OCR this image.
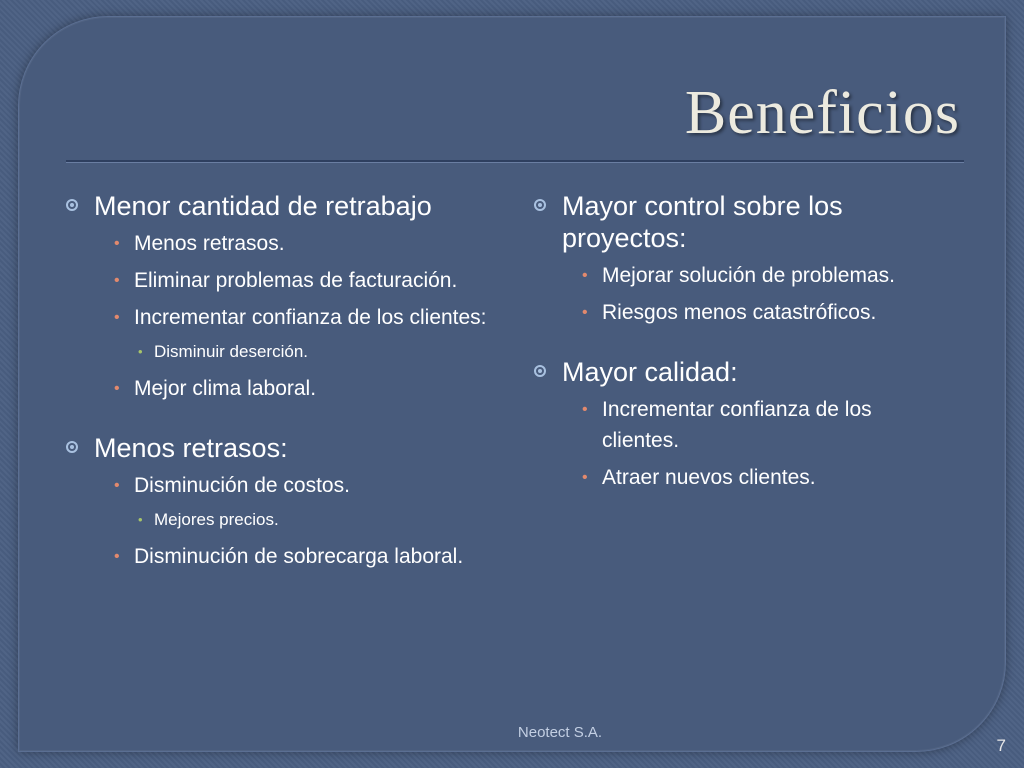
Beneficios
Menor cantidad de retrabajo
• Menos retrasos.
• Eliminar problemas de facturación.
• Incrementar confianza de los clientes:
• Disminuir deserción.
• Mejor clima laboral.
Menos retrasos:
• Disminución de costos.
• Mejores precios.
• Disminución de sobrecarga laboral.
Mayor control sobre los proyectos:
• Mejorar solución de problemas.
• Riesgos menos catastróficos.
Mayor calidad:
• Incrementar confianza de los clientes.
• Atraer nuevos clientes.
Neotect S.A.
7
